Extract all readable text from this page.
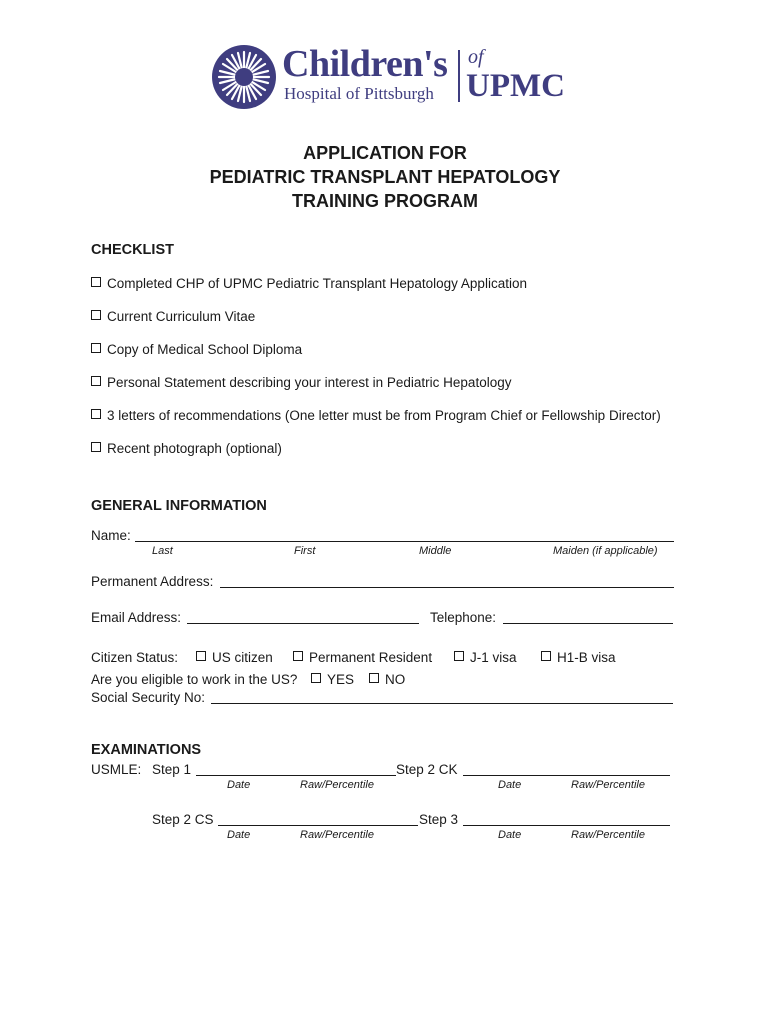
Children's
Hospital of Pittsburgh
of
UPMC
APPLICATION FOR
PEDIATRIC TRANSPLANT HEPATOLOGY
TRAINING PROGRAM
CHECKLIST
Completed CHP of UPMC Pediatric Transplant Hepatology Application
Current Curriculum Vitae
Copy of Medical School Diploma
Personal Statement describing your interest in Pediatric Hepatology
3 letters of recommendations (One letter must be from Program Chief or Fellowship Director)
Recent photograph (optional)
GENERAL INFORMATION
Name:
Last	First	Middle	Maiden (if applicable)
Permanent Address:
Email Address:	Telephone:
Citizen Status:	US citizen	Permanent Resident	J-1 visa	H1-B visa
Are you eligible to work in the US?	YES	NO
Social Security No:
EXAMINATIONS
USMLE: Step 1	Step 2 CK
Date	Raw/Percentile	Date	Raw/Percentile
Step 2 CS	Step 3
Date	Raw/Percentile	Date	Raw/Percentile
